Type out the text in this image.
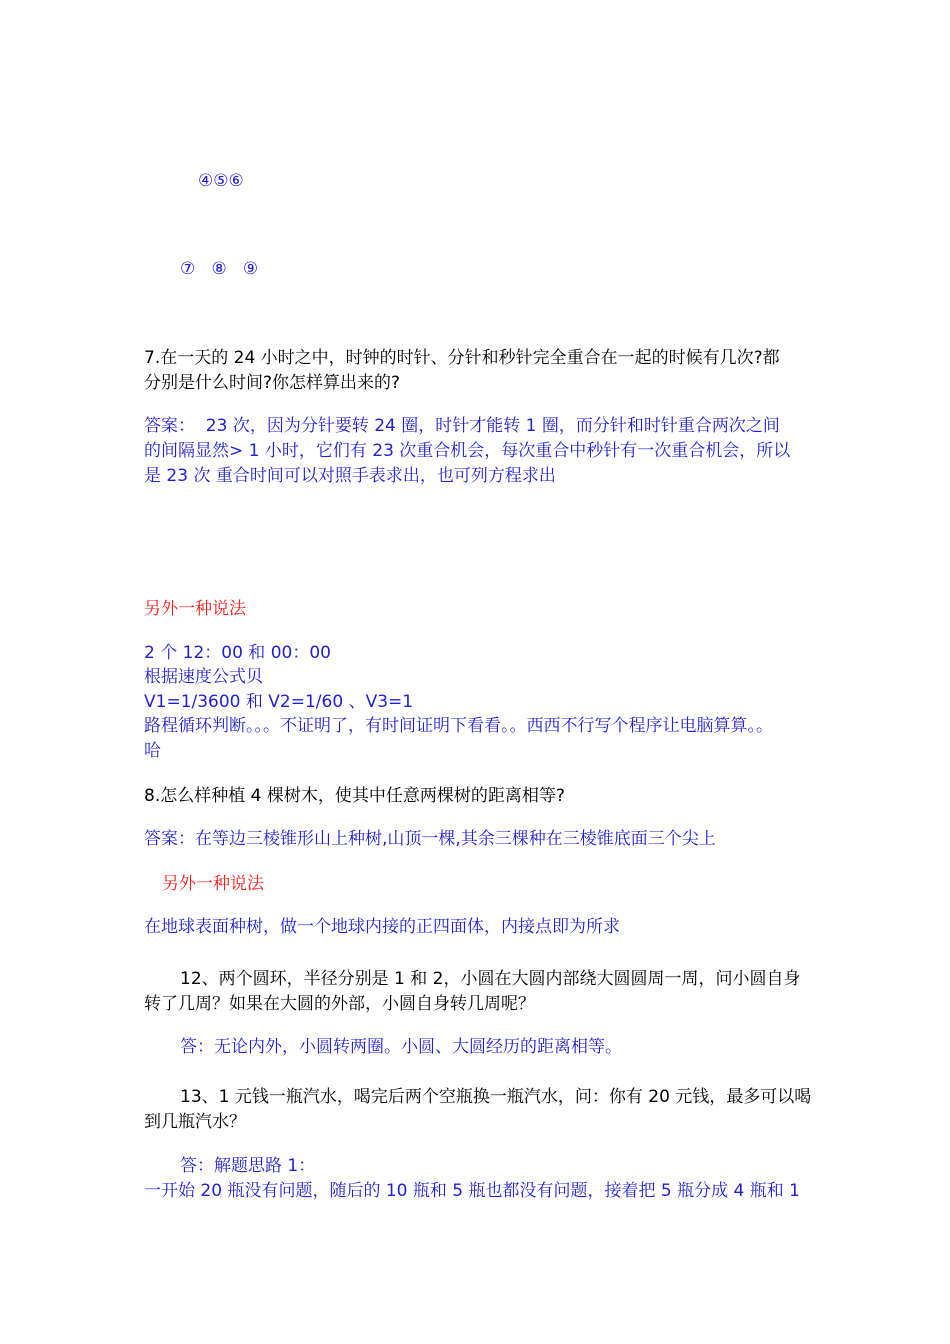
④⑤⑥

⑦   ⑧   ⑨

7.在一天的 24 小时之中，时钟的时针、分针和秒针完全重合在一起的时候有几次?都

分别是什么时间?你怎样算出来的?

答案：  23 次，因为分针要转 24 圈，时针才能转 1 圈，而分针和时针重合两次之间

的间隔显然> 1 小时，它们有 23 次重合机会，每次重合中秒针有一次重合机会，所以

是 23 次 重合时间可以对照手表求出，也可列方程求出

另外一种说法

2 个 12：00 和 00：00

根据速度公式贝

V1=1/3600 和 V2=1/60 、V3=1

路程循环判断。。。不证明了，有时间证明下看看。。西西不行写个程序让电脑算算。。

哈

8.怎么样种植 4 棵树木，使其中任意两棵树的距离相等?

答案：在等边三棱锥形山上种树,山顶一棵,其余三棵种在三棱锥底面三个尖上

另外一种说法

在地球表面种树，做一个地球内接的正四面体，内接点即为所求

12、两个圆环，半径分别是 1 和 2，小圆在大圆内部绕大圆圆周一周，问小圆自身

转了几周？如果在大圆的外部，小圆自身转几周呢？

答：无论内外，小圆转两圈。小圆、大圆经历的距离相等。

13、1 元钱一瓶汽水，喝完后两个空瓶换一瓶汽水，问：你有 20 元钱，最多可以喝

到几瓶汽水？

答：解题思路 1：

一开始 20 瓶没有问题，随后的 10 瓶和 5 瓶也都没有问题，接着把 5 瓶分成 4 瓶和 1
